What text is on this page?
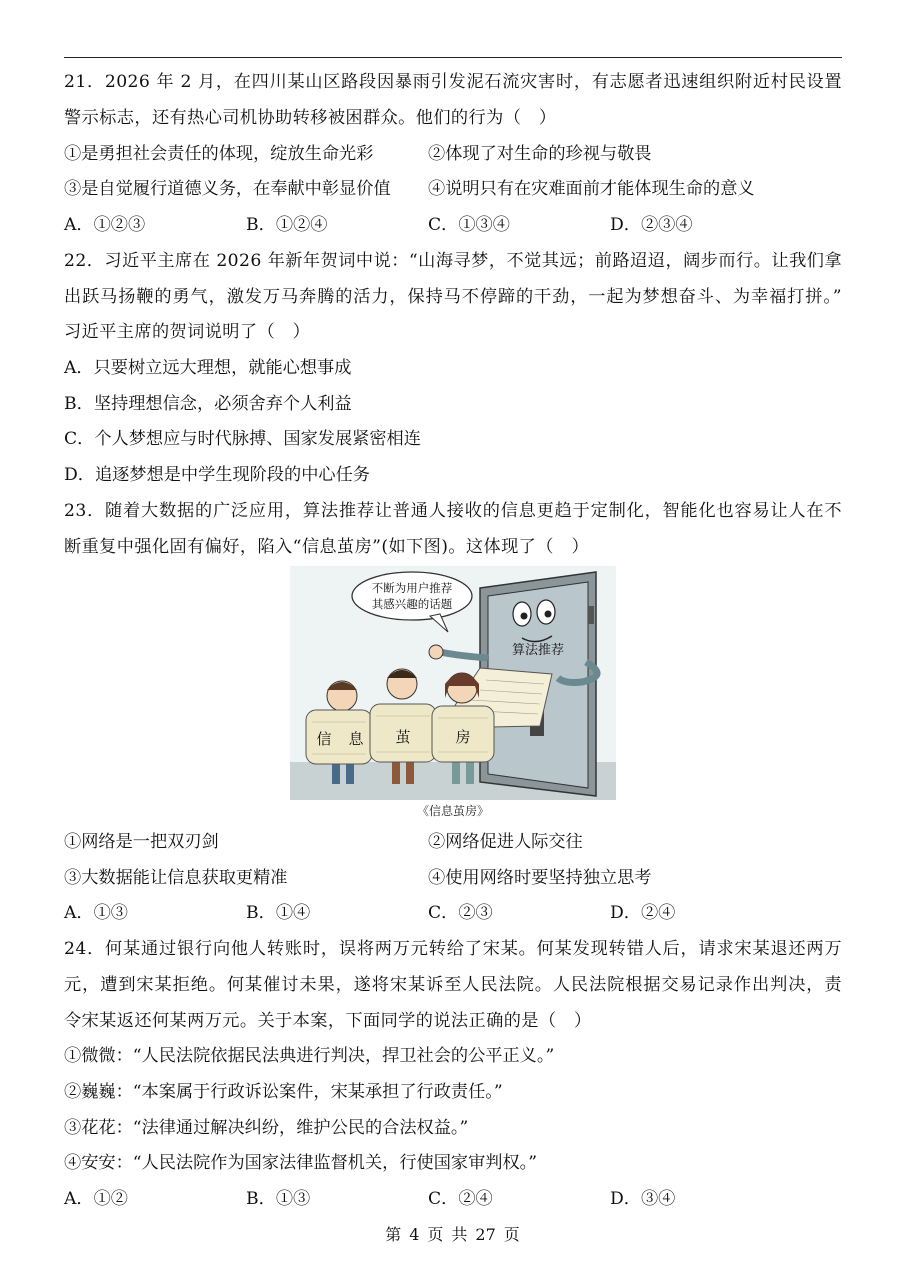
21．2026 年 2 月，在四川某山区路段因暴雨引发泥石流灾害时，有志愿者迅速组织附近村民设置
警示标志，还有热心司机协助转移被困群众。他们的行为（　）
①是勇担社会责任的体现，绽放生命光彩	②体现了对生命的珍视与敬畏
③是自觉履行道德义务，在奉献中彰显价值 ④说明只有在灾难面前才能体现生命的意义
A．①②③	B．①②④	C．①③④	D．②③④
22．习近平主席在 2026 年新年贺词中说：“山海寻梦，不觉其远；前路迢迢，阔步而行。让我们拿
出跃马扬鞭的勇气，激发万马奔腾的活力，保持马不停蹄的干劲，一起为梦想奋斗、为幸福打拼。”
习近平主席的贺词说明了（　）
A．只要树立远大理想，就能心想事成
B．坚持理想信念，必须舍弃个人利益
C．个人梦想应与时代脉搏、国家发展紧密相连
D．追逐梦想是中学生现阶段的中心任务
23．随着大数据的广泛应用，算法推荐让普通人接收的信息更趋于定制化，智能化也容易让人在不
断重复中强化固有偏好，陷入“信息茧房”(如下图)。这体现了（　）
算法推荐
不断为用户推荐
其感兴趣的话题
信 息 茧	房
《信息茧房》
①网络是一把双刃剑	②网络促进人际交往
③大数据能让信息获取更精准	④使用网络时要坚持独立思考
A．①③	B．①④	C．②③	D．②④
24．何某通过银行向他人转账时，误将两万元转给了宋某。何某发现转错人后，请求宋某退还两万
元，遭到宋某拒绝。何某催讨未果，遂将宋某诉至人民法院。人民法院根据交易记录作出判决，责
令宋某返还何某两万元。关于本案，下面同学的说法正确的是（　）
①微微：“人民法院依据民法典进行判决，捍卫社会的公平正义。”
②巍巍：“本案属于行政诉讼案件，宋某承担了行政责任。”
③花花：“法律通过解决纠纷，维护公民的合法权益。”
④安安：“人民法院作为国家法律监督机关，行使国家审判权。”
A．①②	B．①③	C．②④	D．③④
第 4 页 共 27 页
